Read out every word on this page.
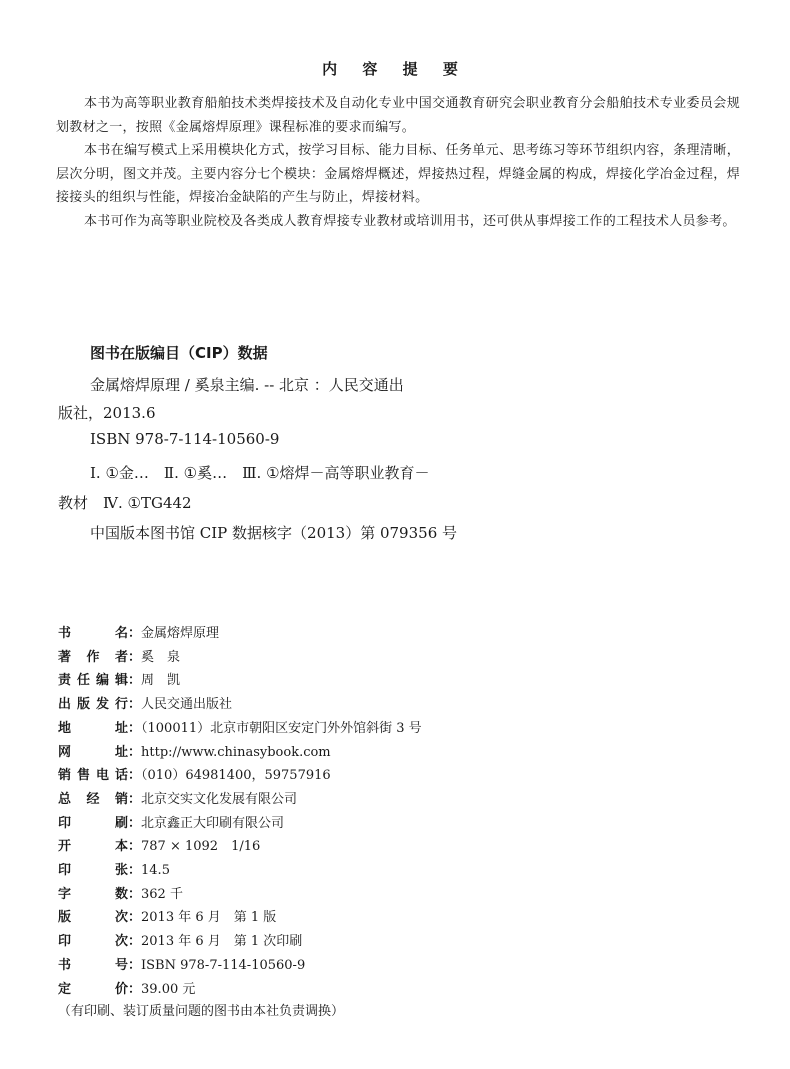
内 容 提 要

本书为高等职业教育船舶技术类焊接技术及自动化专业中国交通教育研究会职业教育分会船舶技术专业委员会规划教材之一，按照《金属熔焊原理》课程标准的要求而编写。

本书在编写模式上采用模块化方式，按学习目标、能力目标、任务单元、思考练习等环节组织内容，条理清晰，层次分明，图文并茂。主要内容分七个模块：金属熔焊概述，焊接热过程，焊缝金属的构成，焊接化学冶金过程，焊接接头的组织与性能，焊接冶金缺陷的产生与防止，焊接材料。

本书可作为高等职业院校及各类成人教育焊接专业教材或培训用书，还可供从事焊接工作的工程技术人员参考。

图书在版编目（CIP）数据
金属熔焊原理 / 奚泉主编. -- 北京 ：人民交通出
版社，2013.6
ISBN 978-7-114-10560-9
Ⅰ. ①金…　Ⅱ. ①奚…　Ⅲ. ①熔焊－高等职业教育－
教材　Ⅳ. ①TG442
中国版本图书馆 CIP 数据核字（2013）第 079356 号
书名：金属熔焊原理
著作者：奚　泉
责任编辑：周　凯
出版发行：人民交通出版社
地址：（100011）北京市朝阳区安定门外外馆斜街 3 号
网址：http://www.chinasybook.com
销售电话：（010）64981400，59757916
总经销：北京交实文化发展有限公司
印刷：北京鑫正大印刷有限公司
开本：787 × 1092　1/16
印张：14.5
字数：362 千
版次：2013 年 6 月　第 1 版
印次：2013 年 6 月　第 1 次印刷
书号：ISBN 978-7-114-10560-9
定价：39.00 元
（有印刷、装订质量问题的图书由本社负责调换）
